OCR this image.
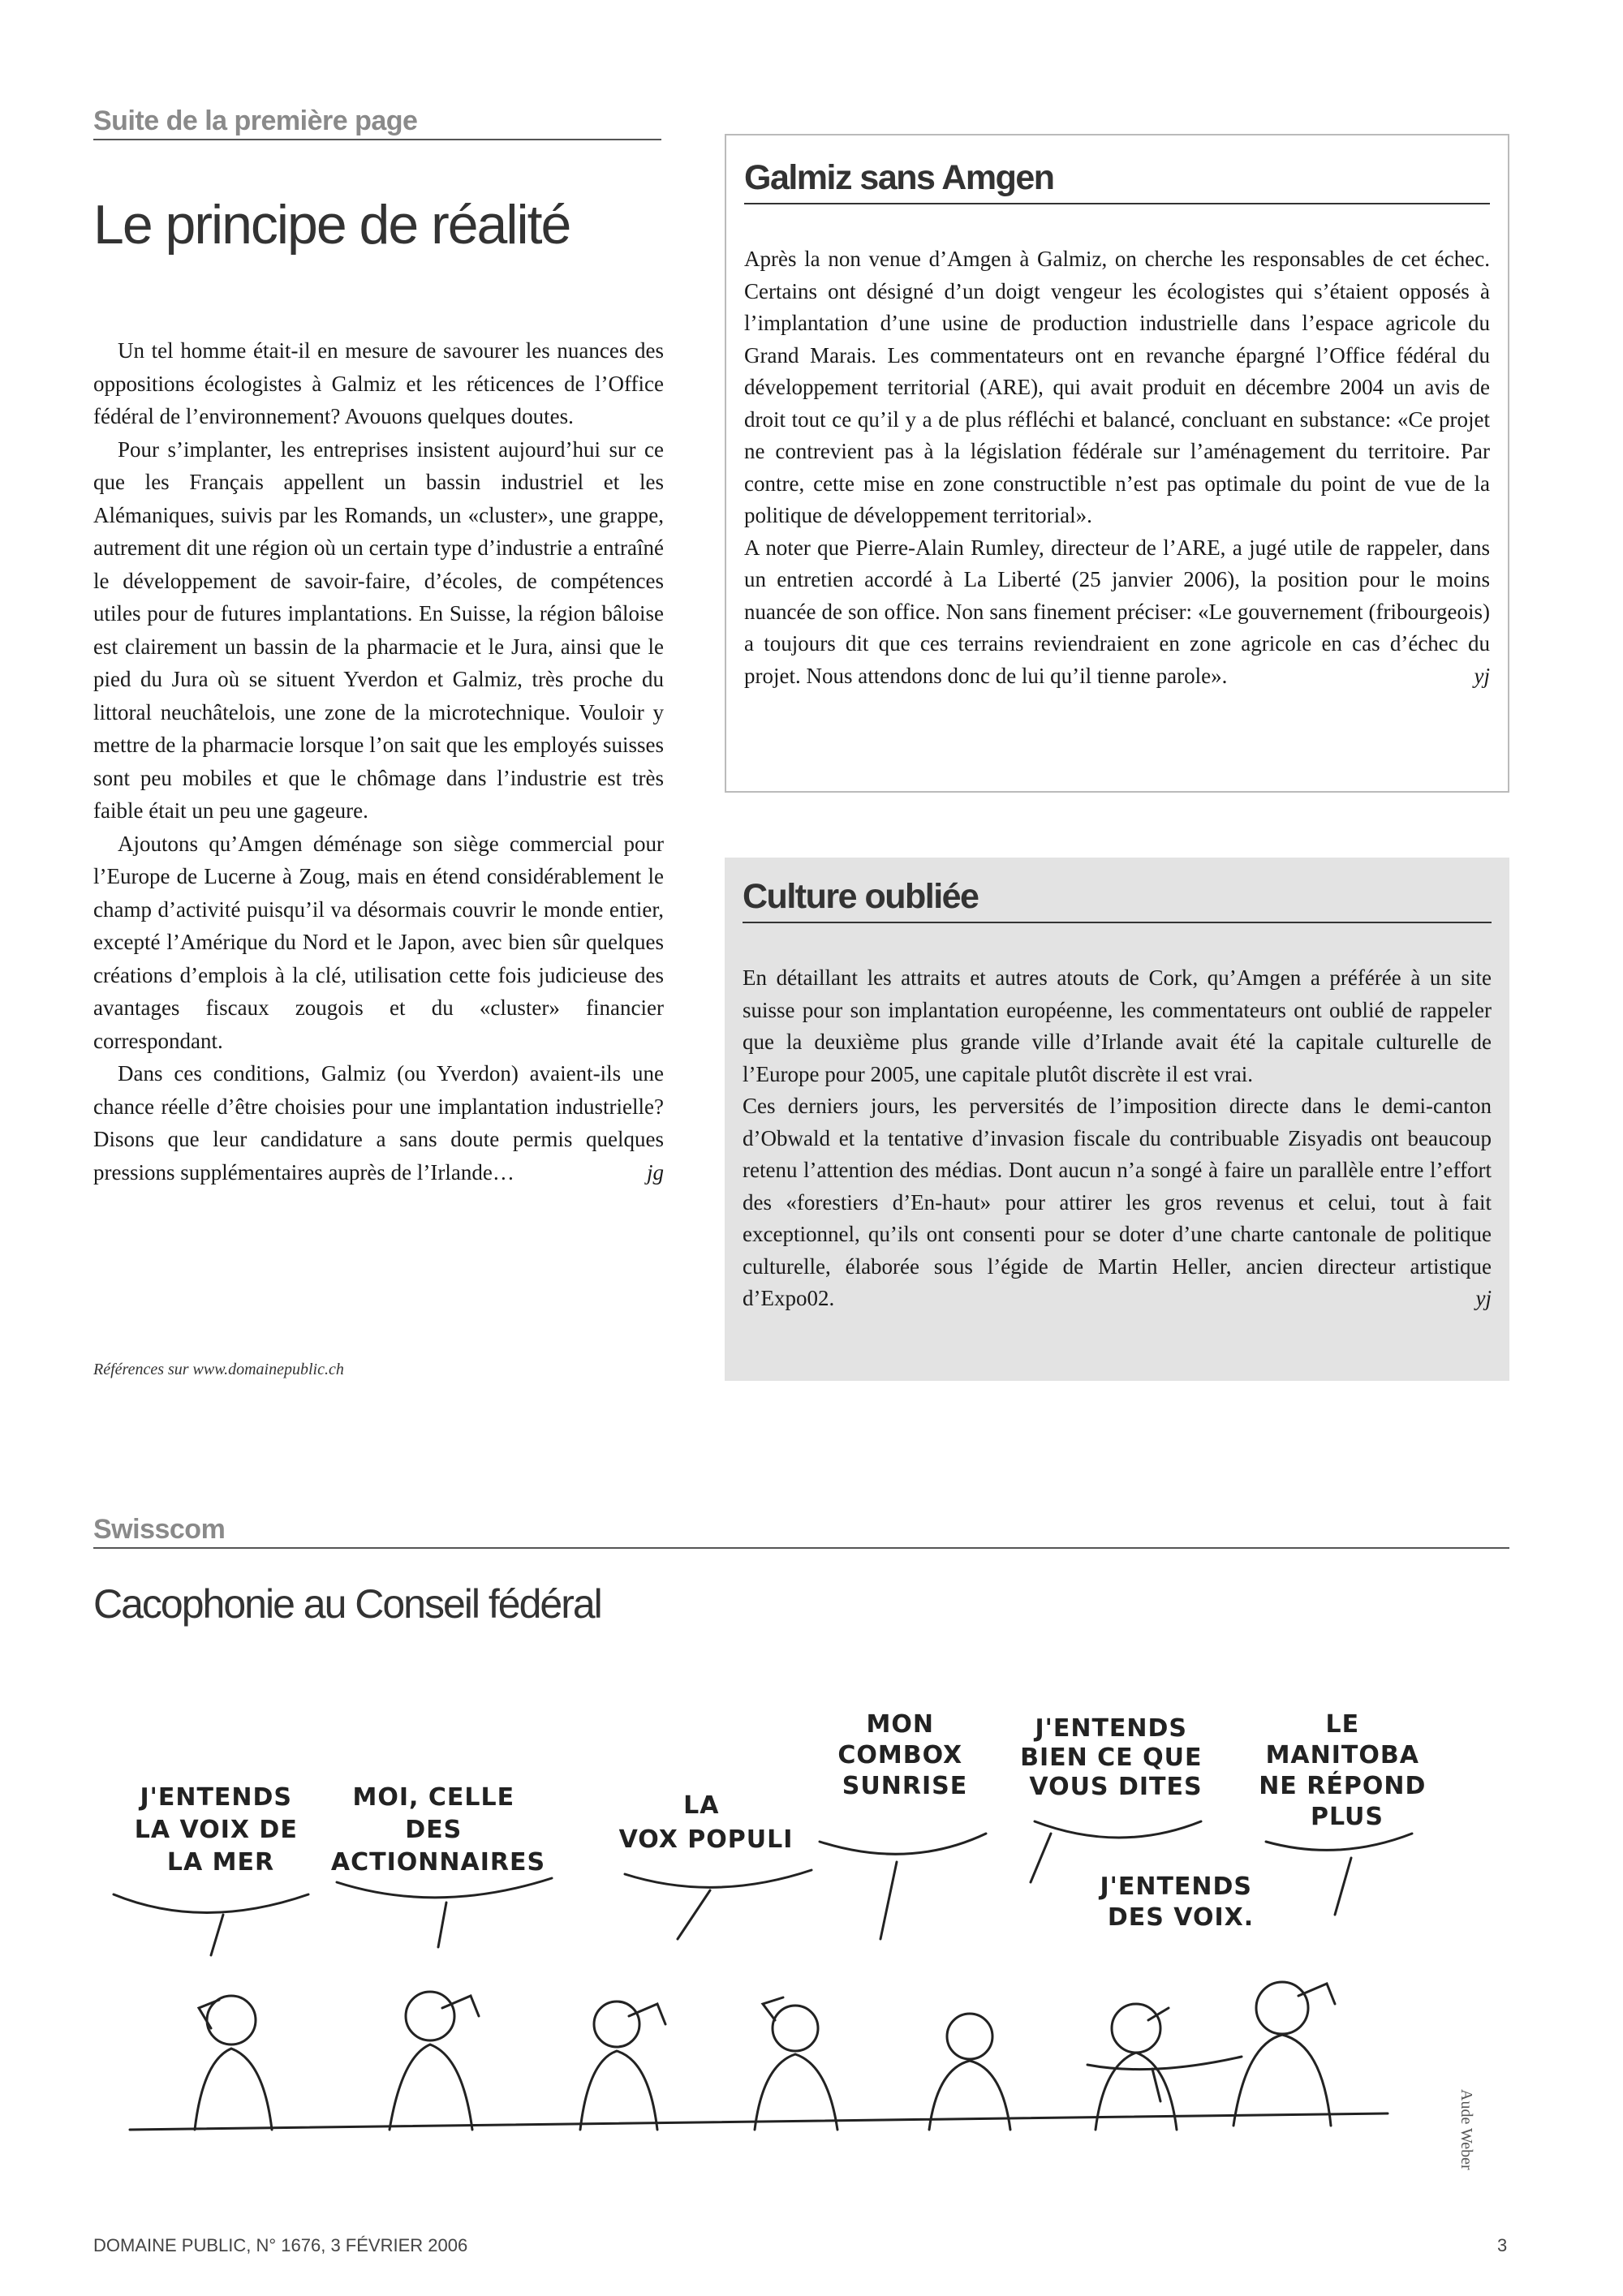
Suite de la première page
Le principe de réalité

Un tel homme était-il en mesure de savourer les nuances des oppositions écologistes à Galmiz et les réticences de l’Office fédéral de l’environnement? Avouons quelques doutes.

Pour s’implanter, les entreprises insistent aujourd’hui sur ce que les Français appellent un bassin industriel et les Alémaniques, suivis par les Romands, un «cluster», une grappe, autrement dit une région où un certain type d’industrie a entraîné le développement de savoir-faire, d’écoles, de compétences utiles pour de futures implantations. En Suisse, la région bâloise est clairement un bassin de la pharmacie et le Jura, ainsi que le pied du Jura où se situent Yverdon et Galmiz, très proche du littoral neuchâtelois, une zone de la microtechnique. Vouloir y mettre de la pharmacie lorsque l’on sait que les employés suisses sont peu mobiles et que le chômage dans l’industrie est très faible était un peu une gageure.

Ajoutons qu’Amgen déménage son siège commercial pour l’Europe de Lucerne à Zoug, mais en étend considérablement le champ d’activité puisqu’il va désormais couvrir le monde entier, excepté l’Amérique du Nord et le Japon, avec bien sûr quelques créations d’emplois à la clé, utilisation cette fois judicieuse des avantages fiscaux zougois et du «cluster» financier correspondant.

Dans ces conditions, Galmiz (ou Yverdon) avaient-ils une chance réelle d’être choisies pour une implantation industrielle? Disons que leur candidature a sans doute permis quelques pressions supplémentaires auprès de l’Irlande…	jg

Références sur www.domainepublic.ch
Galmiz sans Amgen

Après la non venue d’Amgen à Galmiz, on cherche les responsables de cet échec. Certains ont désigné d’un doigt vengeur les écologistes qui s’étaient opposés à l’implantation d’une usine de production industrielle dans l’espace agricole du Grand Marais. Les commentateurs ont en revanche épargné l’Office fédéral du développement territorial (ARE), qui avait produit en décembre 2004 un avis de droit tout ce qu’il y a de plus réfléchi et balancé, concluant en substance: «Ce projet ne contrevient pas à la législation fédérale sur l’aménagement du territoire. Par contre, cette mise en zone constructible n’est pas optimale du point de vue de la politique de développement territorial».

A noter que Pierre-Alain Rumley, directeur de l’ARE, a jugé utile de rappeler, dans un entretien accordé à La Liberté (25 janvier 2006), la position pour le moins nuancée de son office. Non sans finement préciser: «Le gouvernement (fribourgeois) a toujours dit que ces terrains reviendraient en zone agricole en cas d’échec du projet. Nous attendons donc de lui qu’il tienne parole».	yj

Culture oubliée

En détaillant les attraits et autres atouts de Cork, qu’Amgen a préférée à un site suisse pour son implantation européenne, les commentateurs ont oublié de rappeler que la deuxième plus grande ville d’Irlande avait été la capitale culturelle de l’Europe pour 2005, une capitale plutôt discrète il est vrai.

Ces derniers jours, les perversités de l’imposition directe dans le demi-canton d’Obwald et la tentative d’invasion fiscale du contribuable Zisyadis ont beaucoup retenu l’attention des médias. Dont aucun n’a songé à faire un parallèle entre l’effort des «forestiers d’En-haut» pour attirer les gros revenus et celui, tout à fait exceptionnel, qu’ils ont consenti pour se doter d’une charte cantonale de politique culturelle, élaborée sous l’égide de Martin Heller, ancien directeur artistique d’Expo02.	yj

Swisscom
Cacophonie au Conseil fédéral
J'ENTENDS LA VOIX DE LA MER
MOI, CELLE DES ACTIONNAIRES
LA VOX POPULI
MON COMBOX SUNRISE
J'ENTENDS BIEN CE QUE VOUS DITES
J'ENTENDS DES VOIX.
LE MANITOBA NE RÉPOND PLUS
Aude Weber
DOMAINE PUBLIC, N° 1676, 3 FÉVRIER 2006	3
